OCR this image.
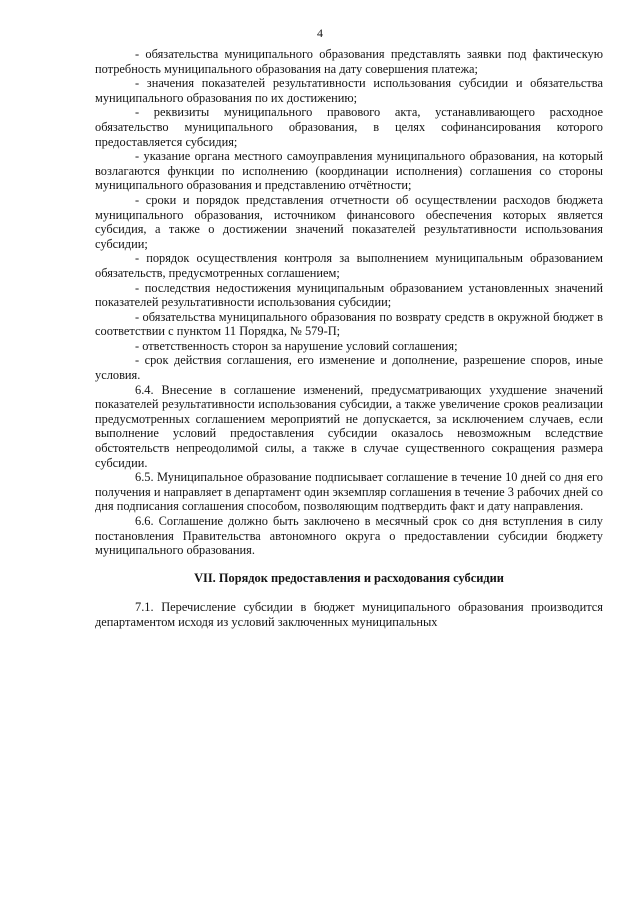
4

- обязательства муниципального образования представлять заявки под фактическую потребность муниципального образования на дату совершения платежа;

- значения показателей результативности использования субсидии и обязательства муниципального образования по их достижению;

- реквизиты муниципального правового акта, устанавливающего расходное обязательство муниципального образования, в целях софинансирования которого предоставляется субсидия;

- указание органа местного самоуправления муниципального образования, на который возлагаются функции по исполнению (координации исполнения) соглашения со стороны муниципального образования и представлению отчётности;

- сроки и порядок представления отчетности об осуществлении расходов бюджета муниципального образования, источником финансового обеспечения которых является субсидия, а также о достижении значений показателей результативности использования субсидии;

- порядок осуществления контроля за выполнением муниципальным образованием обязательств, предусмотренных соглашением;

- последствия недостижения муниципальным образованием установленных значений показателей результативности использования субсидии;

- обязательства муниципального образования по возврату средств в окружной бюджет в соответствии с пунктом 11 Порядка, № 579-П;

- ответственность сторон за нарушение условий соглашения;

- срок действия соглашения, его изменение и дополнение, разрешение споров, иные условия.

6.4. Внесение в соглашение изменений, предусматривающих ухудшение значений показателей результативности использования субсидии, а также увеличение сроков реализации предусмотренных соглашением мероприятий не допускается, за исключением случаев, если выполнение условий предоставления субсидии оказалось невозможным вследствие обстоятельств непреодолимой силы, а также в случае существенного сокращения размера субсидии.

6.5. Муниципальное образование подписывает соглашение в течение 10 дней со дня его получения и направляет в департамент один экземпляр соглашения в течение 3 рабочих дней со дня подписания соглашения способом, позволяющим подтвердить факт и дату направления.

6.6. Соглашение должно быть заключено в месячный срок со дня вступления в силу постановления Правительства автономного округа о предоставлении субсидии бюджету муниципального образования.

VII. Порядок предоставления и расходования субсидии

7.1. Перечисление субсидии в бюджет муниципального образования производится департаментом исходя из условий заключенных муниципальных
